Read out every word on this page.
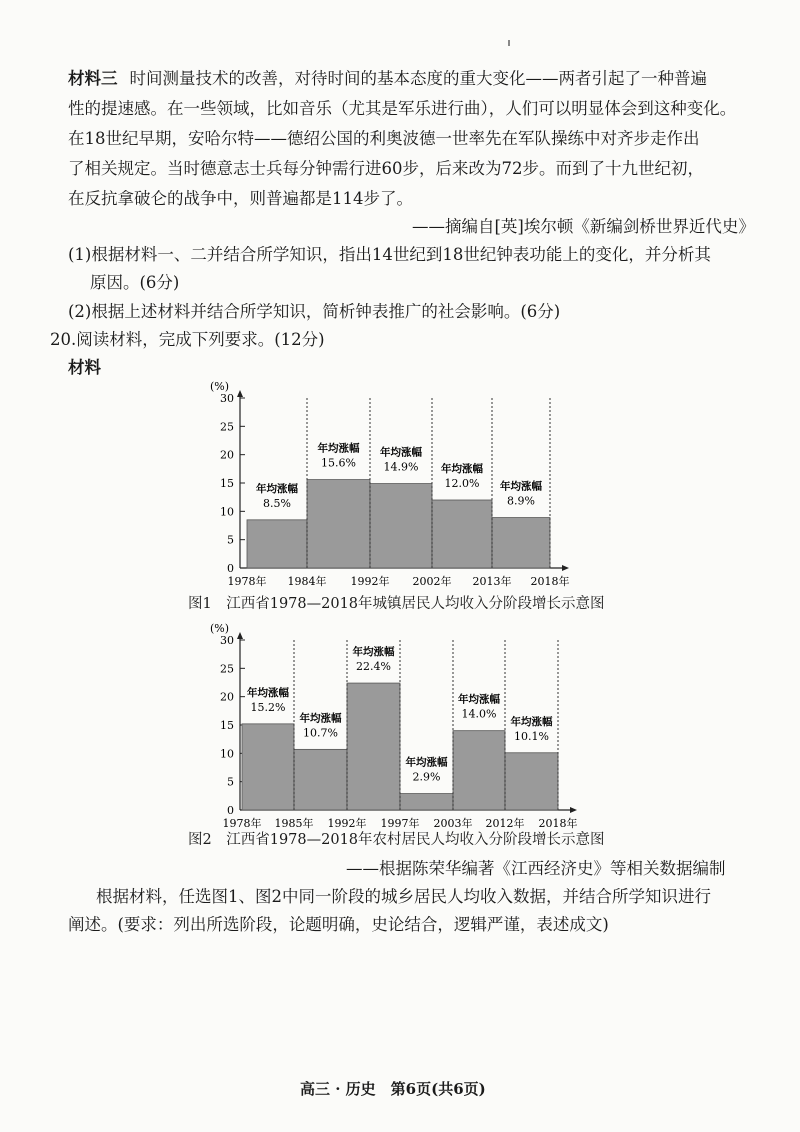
材料三 时间测量技术的改善，对待时间的基本态度的重大变化——两者引起了一种普遍
性的提速感。在一些领域，比如音乐（尤其是军乐进行曲），人们可以明显体会到这种变化。
在18世纪早期，安哈尔特——德绍公国的利奥波德一世率先在军队操练中对齐步走作出
了相关规定。当时德意志士兵每分钟需行进60步，后来改为72步。而到了十九世纪初，
在反抗拿破仑的战争中，则普遍都是114步了。
——摘编自[英]埃尔顿《新编剑桥世界近代史》
(1)根据材料一、二并结合所学知识，指出14世纪到18世纪钟表功能上的变化，并分析其
原因。(6分)
(2)根据上述材料并结合所学知识，简析钟表推广的社会影响。(6分)
20.阅读材料，完成下列要求。(12分)
材料
(%)
0
5
10
15
20
25
30
年均涨幅
8.5%
年均涨幅
15.6%
年均涨幅
14.9% 年均涨幅
12.0% 年均涨幅
8.9%
1978年 1984年 1992年 2002年 2013年 2018年
图1　江西省1978—2018年城镇居民人均收入分阶段增长示意图
(%)
0
5
10
15
20
25
30
年均涨幅
15.2%
年均涨幅
10.7%
年均涨幅
22.4%
年均涨幅
2.9%
年均涨幅
14.0%
年均涨幅
10.1%
1978年 1985年 1992年 1997年 2003年 2012年 2018年
图2　江西省1978—2018年农村居民人均收入分阶段增长示意图
——根据陈荣华编著《江西经济史》等相关数据编制
根据材料，任选图1、图2中同一阶段的城乡居民人均收入数据，并结合所学知识进行
阐述。(要求：列出所选阶段，论题明确，史论结合，逻辑严谨，表述成文)
高三 · 历史　第6页(共6页)
